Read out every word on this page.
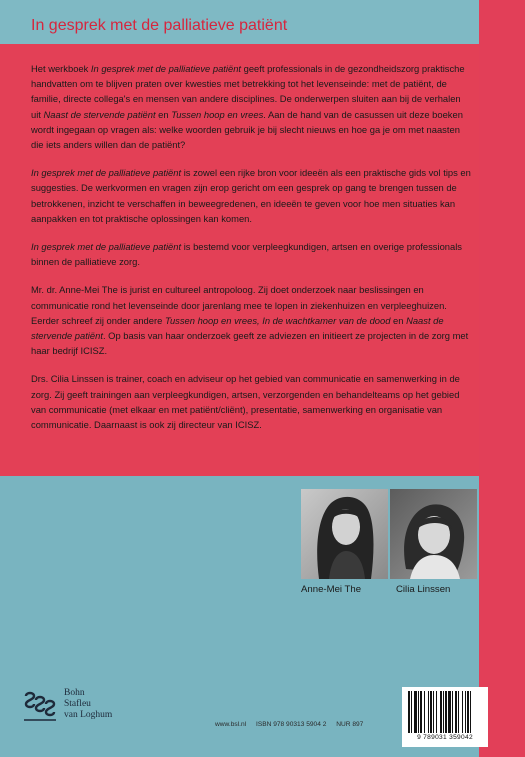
In gesprek met de palliatieve patiënt

Het werkboek In gesprek met de palliatieve patiënt geeft professionals in de gezondheidszorg praktische handvatten om te blijven praten over kwesties met betrekking tot het levenseinde: met de patiënt, de familie, directe collega's en mensen van andere disciplines. De onderwerpen sluiten aan bij de verhalen uit Naast de stervende patiënt en Tussen hoop en vrees. Aan de hand van de casussen uit deze boeken wordt ingegaan op vragen als: welke woorden gebruik je bij slecht nieuws en hoe ga je om met naasten die iets anders willen dan de patiënt?

In gesprek met de palliatieve patiënt is zowel een rijke bron voor ideeën als een praktische gids vol tips en suggesties. De werkvormen en vragen zijn erop gericht om een gesprek op gang te brengen tussen de betrokkenen, inzicht te verschaffen in beweegredenen, en ideeën te geven voor hoe men situaties kan aanpakken en tot praktische oplossingen kan komen.

In gesprek met de palliatieve patiënt is bestemd voor verpleegkundigen, artsen en overige professionals binnen de palliatieve zorg.

Mr. dr. Anne-Mei The is jurist en cultureel antropoloog. Zij doet onderzoek naar beslissingen en communicatie rond het levenseinde door jarenlang mee te lopen in ziekenhuizen en verpleeghuizen. Eerder schreef zij onder andere Tussen hoop en vrees, In de wachtkamer van de dood en Naast de stervende patiënt. Op basis van haar onderzoek geeft ze adviezen en initieert ze projecten in de zorg met haar bedrijf ICISZ.

Drs. Cilia Linssen is trainer, coach en adviseur op het gebied van communicatie en samenwerking in de zorg. Zij geeft trainingen aan verpleegkundigen, artsen, verzorgenden en behandelteams op het gebied van communicatie (met elkaar en met patiënt/cliënt), presentatie, samenwerking en organisatie van communicatie. Daarnaast is ook zij directeur van ICISZ.

Anne-Mei The	Cilia Linssen
Bohn
Stafleu
van Loghum
www.bsl.nl ISBN 978 90313 5904 2 NUR 897
9 789031 359042
